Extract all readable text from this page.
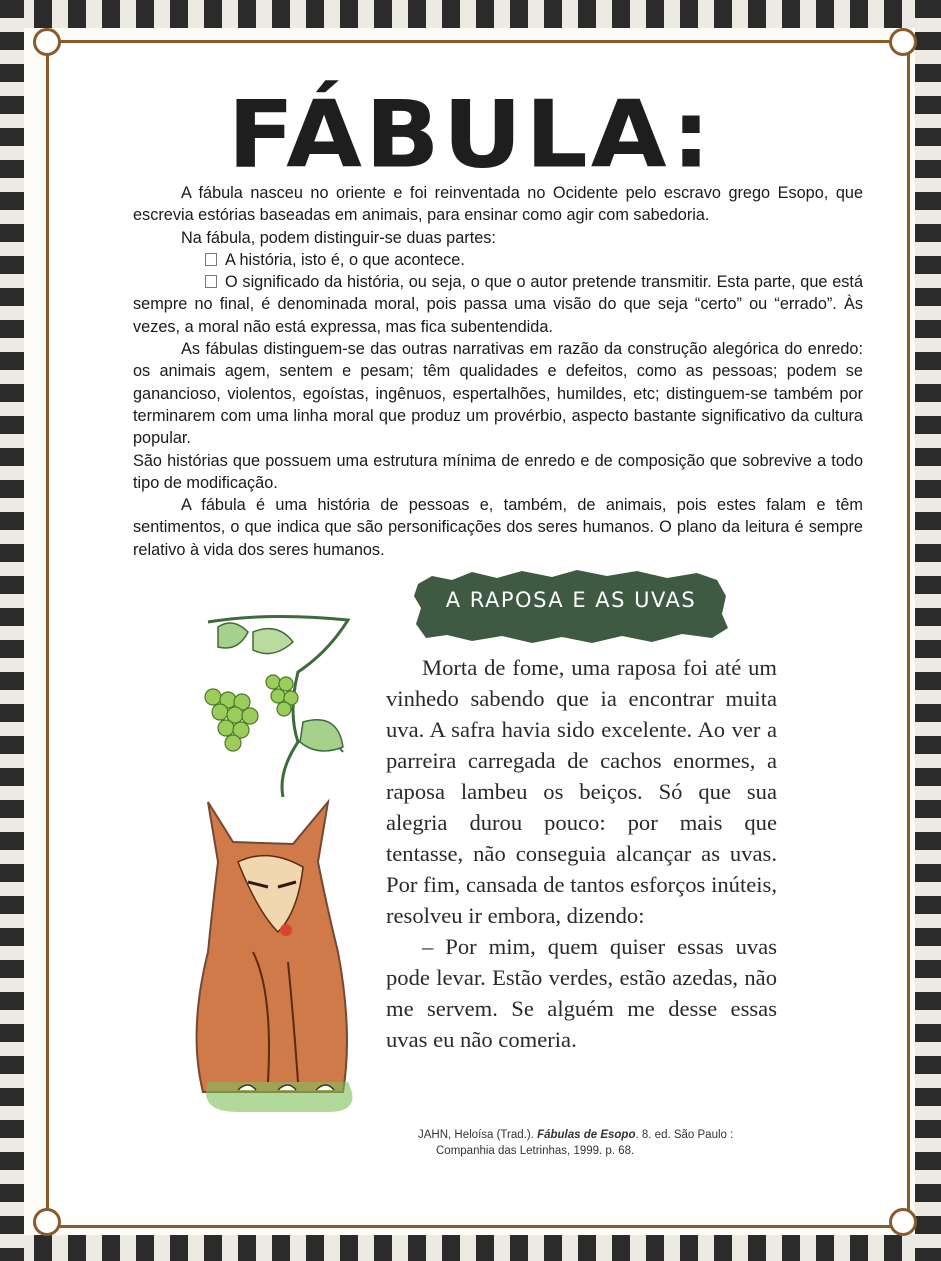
FÁBULA:

A fábula nasceu no oriente e foi reinventada no Ocidente pelo escravo grego Esopo, que escrevia estórias baseadas em animais, para ensinar como agir com sabedoria.

Na fábula, podem distinguir-se duas partes:

A história, isto é, o que acontece.

O significado da história, ou seja, o que o autor pretende transmitir. Esta parte, que está sempre no final, é denominada moral, pois passa uma visão do que seja “certo” ou “errado”. Às vezes, a moral não está expressa, mas fica subentendida.

As fábulas distinguem-se das outras narrativas em razão da construção alegórica do enredo: os animais agem, sentem e pesam; têm qualidades e defeitos, como as pessoas; podem se ganancioso, violentos, egoístas, ingênuos, espertalhões, humildes, etc; distinguem-se também por terminarem com uma linha moral que produz um provérbio, aspecto bastante significativo da cultura popular.

São histórias que possuem uma estrutura mínima de enredo e de composição que sobrevive a todo tipo de modificação.

A fábula é uma história de pessoas e, também, de animais, pois estes falam e têm sentimentos, o que indica que são personificações dos seres humanos. O plano da leitura é sempre relativo à vida dos seres humanos.

A RAPOSA E AS UVAS

Morta de fome, uma raposa foi até um vinhedo sabendo que ia encontrar muita uva. A safra havia sido excelente. Ao ver a parreira carregada de cachos enormes, a raposa lambeu os beiços. Só que sua alegria durou pouco: por mais que tentasse, não conseguia alcançar as uvas. Por fim, cansada de tantos esforços inúteis, resolveu ir embora, dizendo:

– Por mim, quem quiser essas uvas pode levar. Estão verdes, estão azedas, não me servem. Se alguém me desse essas uvas eu não comeria.

JAHN, Heloísa (Trad.). Fábulas de Esopo. 8. ed. São Paulo :
Companhia das Letrinhas, 1999. p. 68.
